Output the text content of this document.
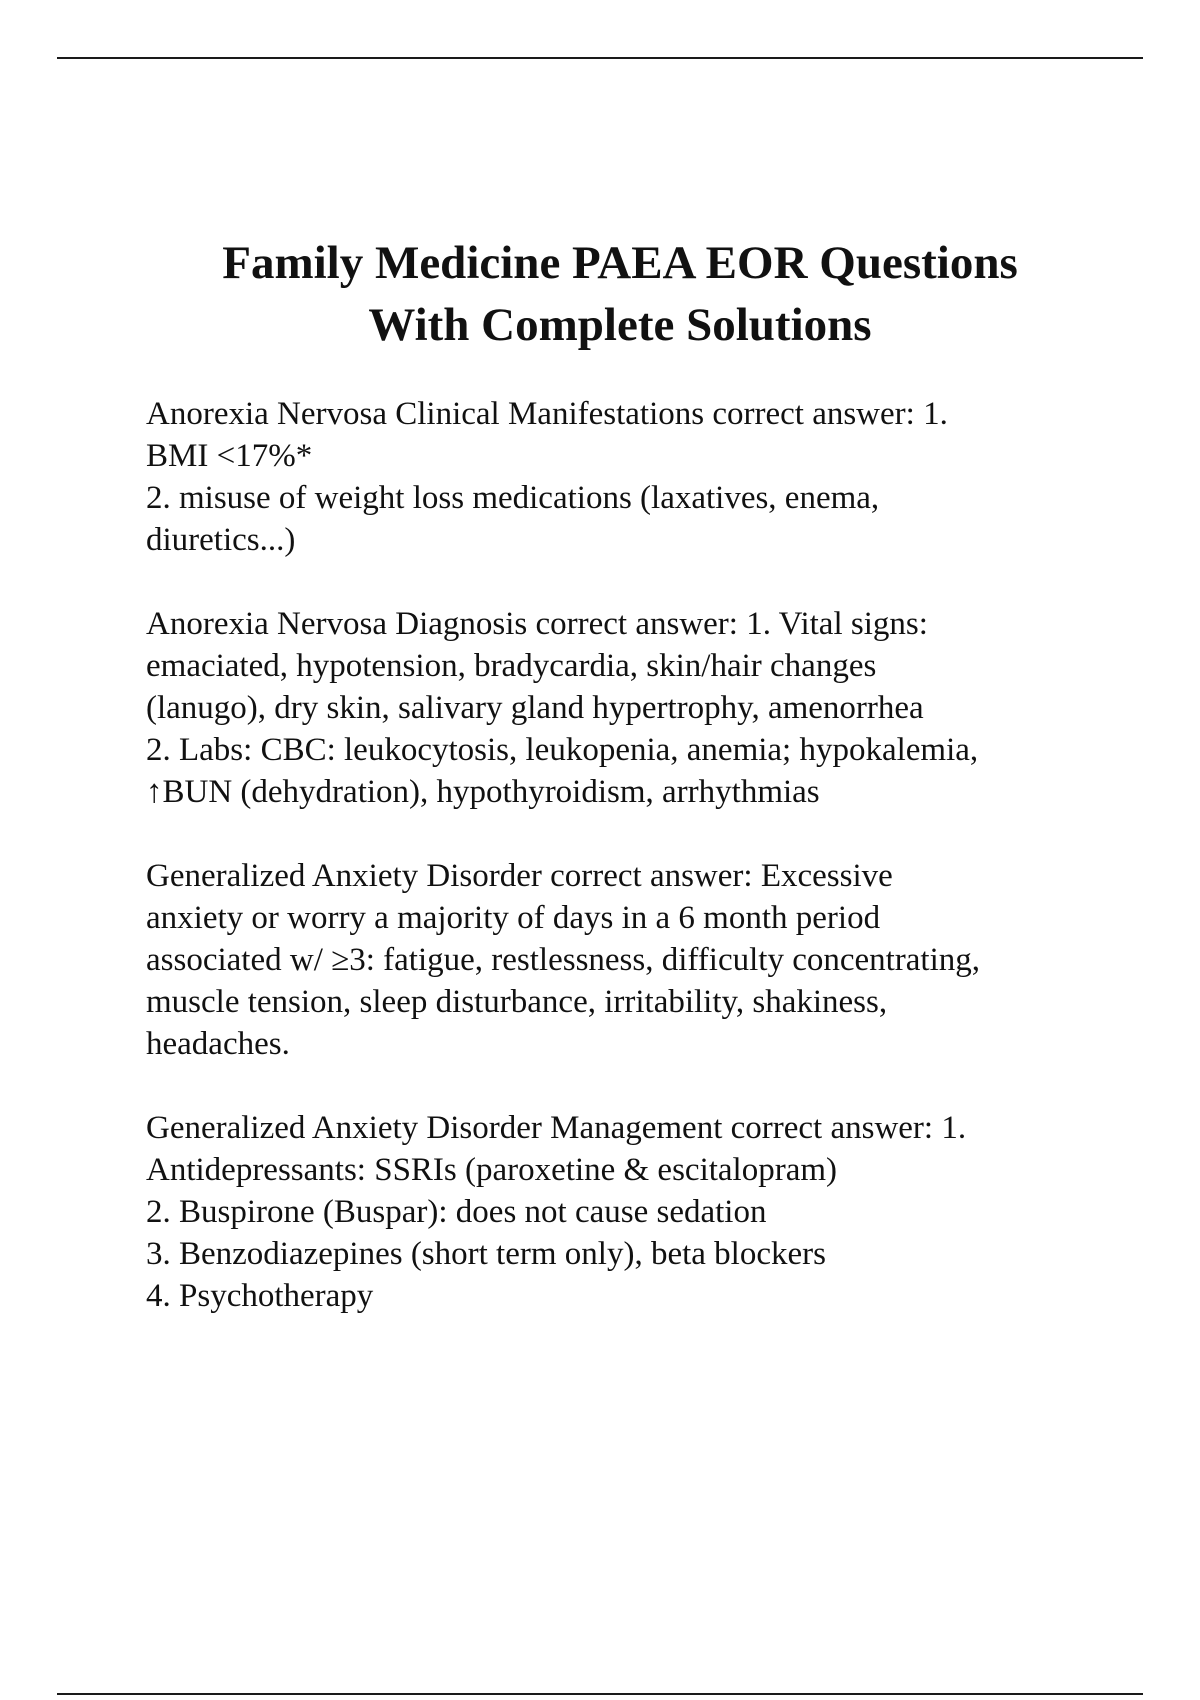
Family Medicine PAEA EOR Questions
With Complete Solutions

Anorexia Nervosa Clinical Manifestations correct answer: 1.
BMI <17%*
2. misuse of weight loss medications (laxatives, enema,
diuretics...)

Anorexia Nervosa Diagnosis correct answer: 1. Vital signs:
emaciated, hypotension, bradycardia, skin/hair changes
(lanugo), dry skin, salivary gland hypertrophy, amenorrhea
2. Labs: CBC: leukocytosis, leukopenia, anemia; hypokalemia,
↑BUN (dehydration), hypothyroidism, arrhythmias

Generalized Anxiety Disorder correct answer: Excessive
anxiety or worry a majority of days in a 6 month period
associated w/ ≥3: fatigue, restlessness, difficulty concentrating,
muscle tension, sleep disturbance, irritability, shakiness,
headaches.

Generalized Anxiety Disorder Management correct answer: 1.
Antidepressants: SSRIs (paroxetine & escitalopram)
2. Buspirone (Buspar): does not cause sedation
3. Benzodiazepines (short term only), beta blockers
4. Psychotherapy
